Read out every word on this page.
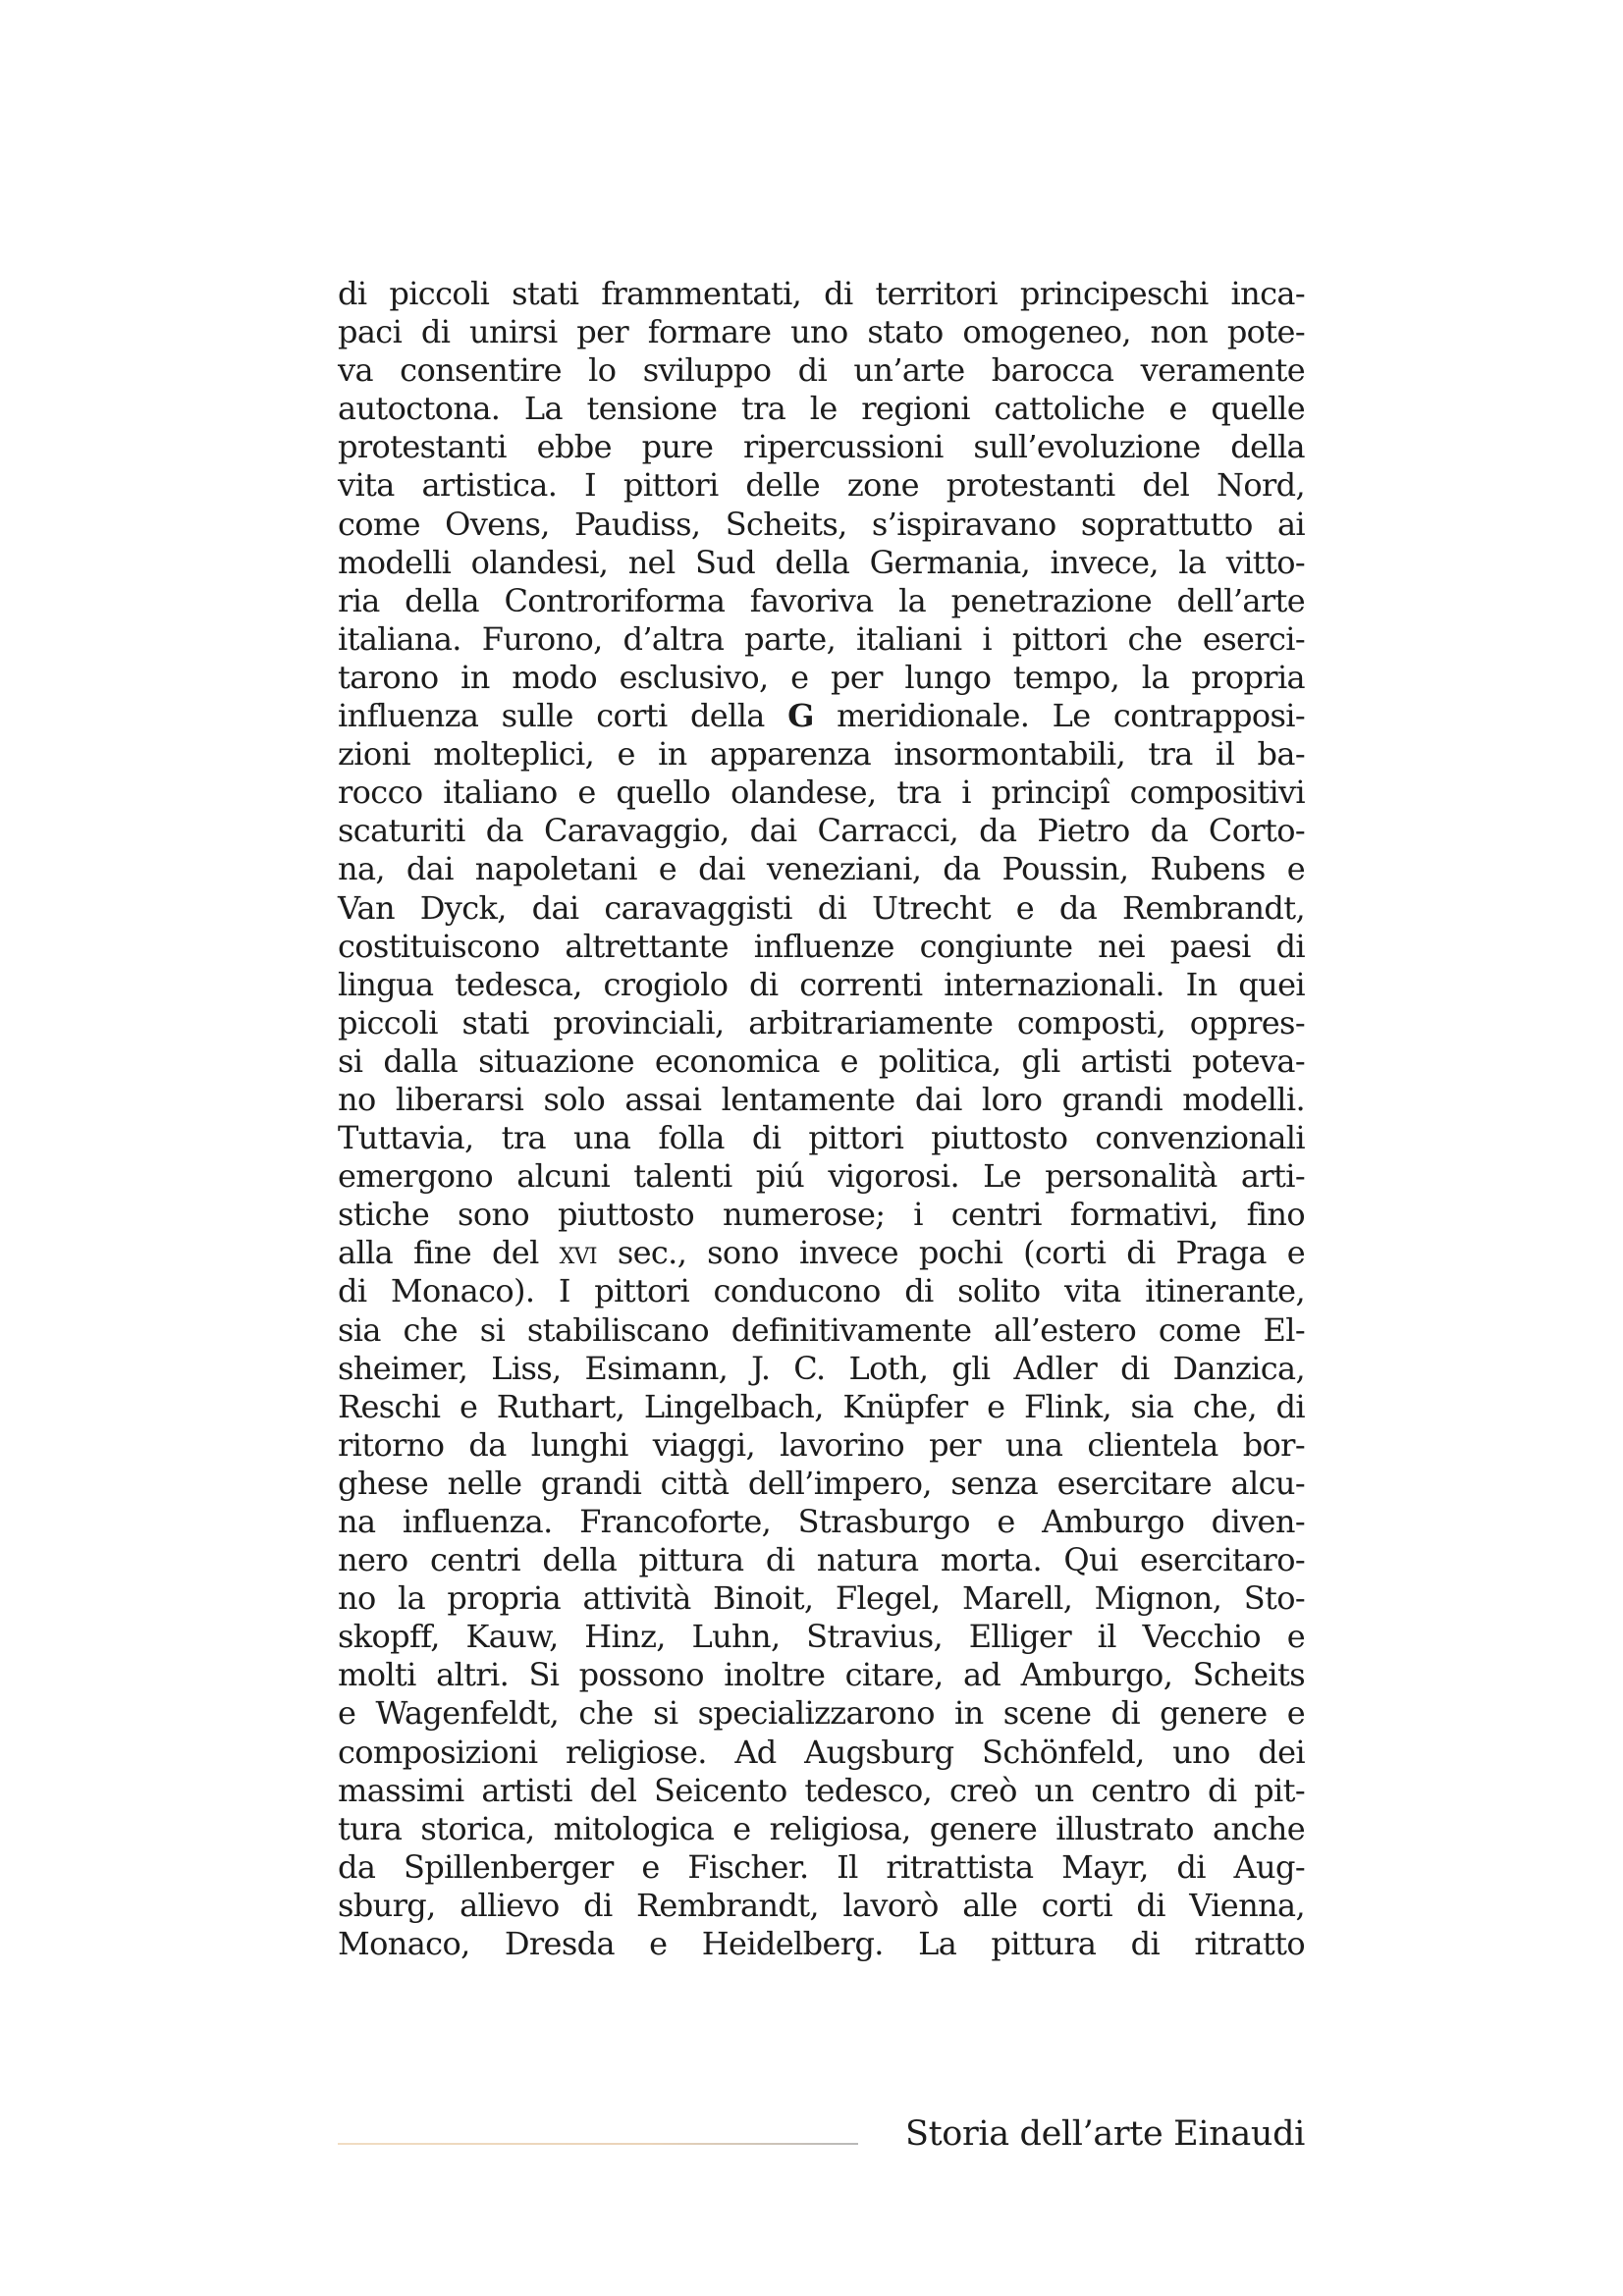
di piccoli stati frammentati, di territori principeschi inca-
paci di unirsi per formare uno stato omogeneo, non pote-
va consentire lo sviluppo di un’arte barocca veramente
autoctona. La tensione tra le regioni cattoliche e quelle
protestanti ebbe pure ripercussioni sull’evoluzione della
vita artistica. I pittori delle zone protestanti del Nord,
come Ovens, Paudiss, Scheits, s’ispiravano soprattutto ai
modelli olandesi, nel Sud della Germania, invece, la vitto-
ria della Controriforma favoriva la penetrazione dell’arte
italiana. Furono, d’altra parte, italiani i pittori che eserci-
tarono in modo esclusivo, e per lungo tempo, la propria
influenza sulle corti della G meridionale. Le contrapposi-
zioni molteplici, e in apparenza insormontabili, tra il ba-
rocco italiano e quello olandese, tra i principî compositivi
scaturiti da Caravaggio, dai Carracci, da Pietro da Corto-
na, dai napoletani e dai veneziani, da Poussin, Rubens e
Van Dyck, dai caravaggisti di Utrecht e da Rembrandt,
costituiscono altrettante influenze congiunte nei paesi di
lingua tedesca, crogiolo di correnti internazionali. In quei
piccoli stati provinciali, arbitrariamente composti, oppres-
si dalla situazione economica e politica, gli artisti poteva-
no liberarsi solo assai lentamente dai loro grandi modelli.
Tuttavia, tra una folla di pittori piuttosto convenzionali
emergono alcuni talenti piú vigorosi. Le personalità arti-
stiche sono piuttosto numerose; i centri formativi, fino
alla fine del xvi sec., sono invece pochi (corti di Praga e
di Monaco). I pittori conducono di solito vita itinerante,
sia che si stabiliscano definitivamente all’estero come El-
sheimer, Liss, Esimann, J. C. Loth, gli Adler di Danzica,
Reschi e Ruthart, Lingelbach, Knüpfer e Flink, sia che, di
ritorno da lunghi viaggi, lavorino per una clientela bor-
ghese nelle grandi città dell’impero, senza esercitare alcu-
na influenza. Francoforte, Strasburgo e Amburgo diven-
nero centri della pittura di natura morta. Qui esercitaro-
no la propria attività Binoit, Flegel, Marell, Mignon, Sto-
skopff, Kauw, Hinz, Luhn, Stravius, Elliger il Vecchio e
molti altri. Si possono inoltre citare, ad Amburgo, Scheits
e Wagenfeldt, che si specializzarono in scene di genere e
composizioni religiose. Ad Augsburg Schönfeld, uno dei
massimi artisti del Seicento tedesco, creò un centro di pit-
tura storica, mitologica e religiosa, genere illustrato anche
da Spillenberger e Fischer. Il ritrattista Mayr, di Aug-
sburg, allievo di Rembrandt, lavorò alle corti di Vienna,
Monaco, Dresda e Heidelberg. La pittura di ritratto
Storia dell’arte Einaudi
